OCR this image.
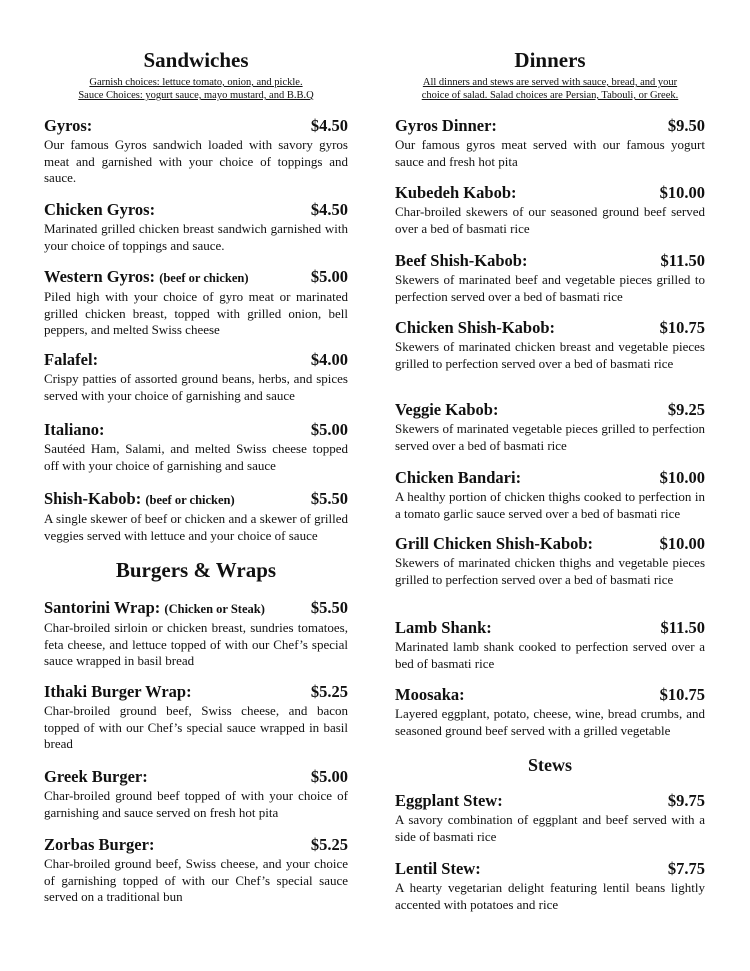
Sandwiches

Garnish choices: lettuce tomato, onion, and pickle.

Sauce Choices: yogurt sauce, mayo mustard, and B.B.Q

Gyros:	$4.50
Our famous Gyros sandwich loaded with savory gyros meat and garnished with your choice of toppings and sauce.
Chicken Gyros:	$4.50
Marinated grilled chicken breast sandwich garnished with your choice of toppings and sauce.
Western Gyros: (beef or chicken)	$5.00
Piled high with your choice of gyro meat or marinated grilled chicken breast, topped with grilled onion, bell peppers, and melted Swiss cheese
Falafel:	$4.00
Crispy patties of assorted ground beans, herbs, and spices served with your choice of garnishing and sauce
Italiano:	$5.00
Sautéed Ham, Salami, and melted Swiss cheese topped off with your choice of garnishing and sauce
Shish-Kabob: (beef or chicken)	$5.50
A single skewer of beef or chicken and a skewer of grilled veggies served with lettuce and your choice of sauce
Burgers & Wraps
Santorini Wrap: (Chicken or Steak)	$5.50
Char-broiled sirloin or chicken breast, sundries tomatoes, feta cheese, and lettuce topped of with our Chef’s special sauce wrapped in basil bread
Ithaki Burger Wrap:	$5.25
Char-broiled ground beef, Swiss cheese, and bacon topped of with our Chef’s special sauce wrapped in basil bread
Greek Burger:	$5.00
Char-broiled ground beef topped of with your choice of garnishing and sauce served on fresh hot pita
Zorbas Burger:	$5.25
Char-broiled ground beef, Swiss cheese, and your choice of garnishing topped of with our Chef’s special sauce served on a traditional bun
Dinners

All dinners and stews are served with sauce, bread, and your

choice of salad. Salad choices are Persian, Tabouli, or Greek.

Gyros Dinner:	$9.50
Our famous gyros meat served with our famous yogurt sauce and fresh hot pita
Kubedeh Kabob:	$10.00
Char-broiled skewers of our seasoned ground beef served over a bed of basmati rice
Beef Shish-Kabob:	$11.50
Skewers of marinated beef and vegetable pieces grilled to perfection served over a bed of basmati rice
Chicken Shish-Kabob:	$10.75
Skewers of marinated chicken breast and vegetable pieces grilled to perfection served over a bed of basmati rice
Veggie Kabob:	$9.25
Skewers of marinated vegetable pieces grilled to perfection served over a bed of basmati rice
Chicken Bandari:	$10.00
A healthy portion of chicken thighs cooked to perfection in a tomato garlic sauce served over a bed of basmati rice
Grill Chicken Shish-Kabob:	$10.00
Skewers of marinated chicken thighs and vegetable pieces grilled to perfection served over a bed of basmati rice
Lamb Shank:	$11.50
Marinated lamb shank cooked to perfection served over a bed of basmati rice
Moosaka:	$10.75
Layered eggplant, potato, cheese, wine, bread crumbs, and seasoned ground beef served with a grilled vegetable
Stews
Eggplant Stew:	$9.75
A savory combination of eggplant and beef served with a side of basmati rice
Lentil Stew:	$7.75
A hearty vegetarian delight featuring lentil beans lightly accented with potatoes and rice
